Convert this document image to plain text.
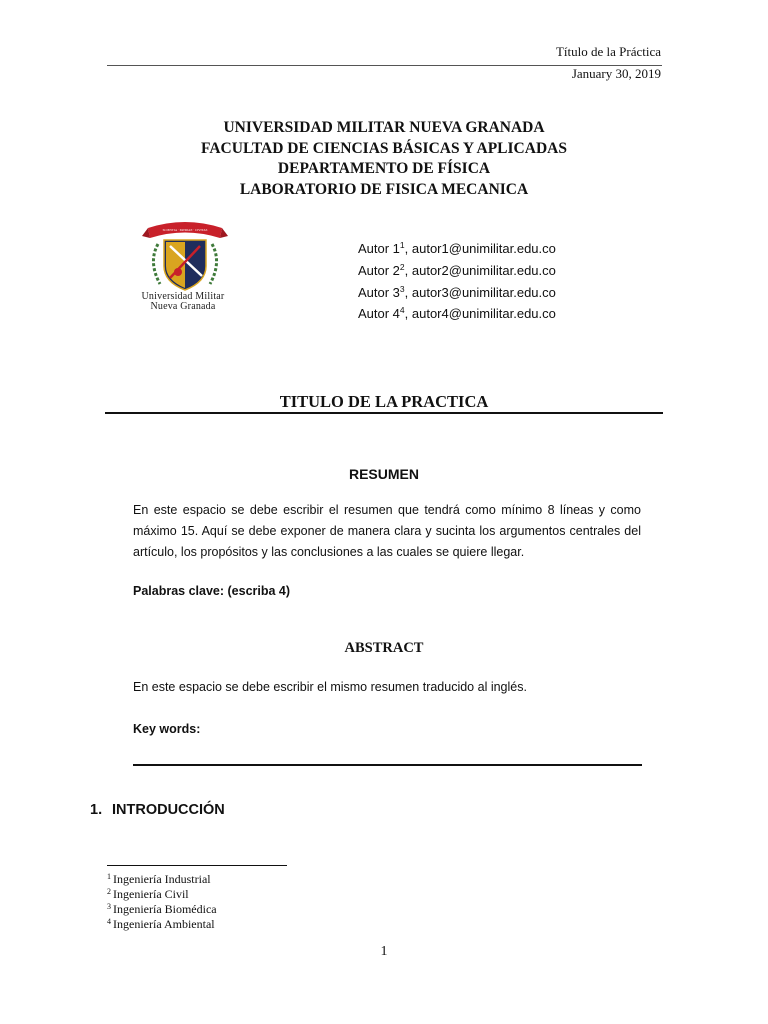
Título de la Práctica
January 30, 2019
UNIVERSIDAD MILITAR NUEVA GRANADA
FACULTAD DE CIENCIAS BÁSICAS Y APLICADAS
DEPARTAMENTO DE FÍSICA
LABORATORIO DE FISICA MECANICA
SCIENTIA · PATRIAE · CIVITAS
Universidad Militar
Nueva Granada
Autor $1^1$, autor1@unimilitar.edu.co
Autor $2^2$, autor2@unimilitar.edu.co
Autor $3^3$, autor3@unimilitar.edu.co
Autor $4^4$, autor4@unimilitar.edu.co
TITULO DE LA PRACTICA
RESUMEN
En este espacio se debe escribir el resumen que tendrá como mínimo 8 líneas y como máximo 15. Aquí se debe exponer de manera clara y sucinta los argumentos centrales del artículo, los propósitos y las conclusiones a las cuales se quiere llegar.
Palabras clave: (escriba 4)
ABSTRACT
En este espacio se debe escribir el mismo resumen traducido al inglés.
Key words:
1. INTRODUCCIÓN
$^1$ Ingeniería Industrial
$^2$ Ingeniería Civil
$^3$ Ingeniería Biomédica
$^4$ Ingeniería Ambiental
1
